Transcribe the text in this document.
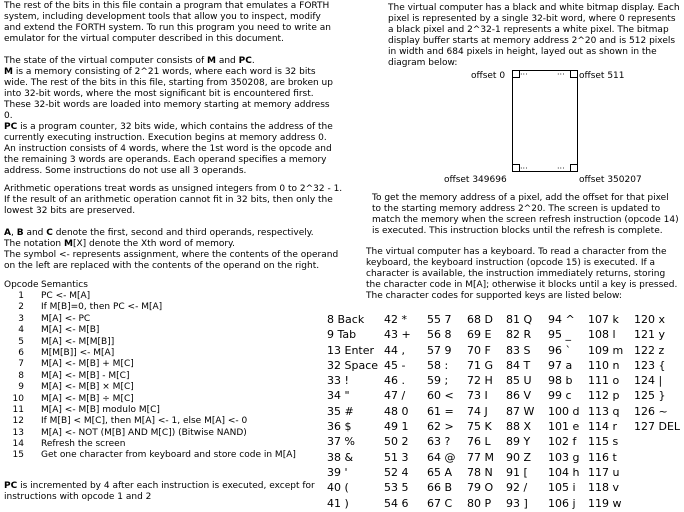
The rest of the bits in this file contain a program that emulates a FORTH system, including development tools that allow you to inspect, modify and extend the FORTH system. To run this program you need to write an emulator for the virtual computer described in this document.

The state of the virtual computer consists of M and PC.

M is a memory consisting of 2^21 words, where each word is 32 bits wide. The rest of the bits in this file, starting from 350208, are broken up into 32-bit words, where the most significant bit is encountered first. These 32-bit words are loaded into memory starting at memory address 0.

PC is a program counter, 32 bits wide, which contains the address of the currently executing instruction. Execution begins at memory address 0.

An instruction consists of 4 words, where the 1st word is the opcode and the remaining 3 words are operands. Each operand specifies a memory address. Some instructions do not use all 3 operands.

Arithmetic operations treat words as unsigned integers from 0 to 2^32 - 1. If the result of an arithmetic operation cannot fit in 32 bits, then only the lowest 32 bits are preserved.

A, B and C denote the first, second and third operands, respectively.

The notation M[X] denote the Xth word of memory.

The symbol <- represents assignment, where the contents of the operand on the left are replaced with the contents of the operand on the right.

Opcode Semantics
1	PC <- M[A]
2	If M[B]=0, then PC <- M[A]
3	M[A] <- PC
4	M[A] <- M[B]
5	M[A] <- M[M[B]]
6	M[M[B]] <- M[A]
7	M[A] <- M[B] + M[C]
8	M[A] <- M[B] - M[C]
9	M[A] <- M[B] × M[C]
10	M[A] <- M[B] ÷ M[C]
11	M[A] <- M[B] modulo M[C]
12	If M[B] < M[C], then M[A] <- 1, else M[A] <- 0
13	M[A] <- NOT (M[B] AND M[C]) (Bitwise NAND)
14	Refresh the screen
15	Get one character from keyboard and store code in M[A]

PC is incremented by 4 after each instruction is executed, except for instructions with opcode 1 and 2

The virtual computer has a black and white bitmap display. Each pixel is represented by a single 32-bit word, where 0 represents a black pixel and 2^32-1 represents a white pixel. The bitmap display buffer starts at memory address 2^20 and is 512 pixels in width and 684 pixels in height, layed out as shown in the diagram below:

···	···
···	···
offset 0	offset 511
offset 349696	offset 350207

To get the memory address of a pixel, add the offset for that pixel to the starting memory address 2^20. The screen is updated to match the memory when the screen refresh instruction (opcode 14) is executed. This instruction blocks until the refresh is complete.

The virtual computer has a keyboard. To read a character from the keyboard, the keyboard instruction (opcode 15) is executed. If a character is available, the instruction immediately returns, storing the character code in M[A]; otherwise it blocks until a key is pressed. The character codes for supported keys are listed below:

8 Back
9 Tab
13 Enter
32 Space
33 !
34 "
35 #
36 $
37 %
38 &
39 '
40 (
41 )
42 *
43 +
44 ,
45 -
46 .
47 /
48 0
49 1
50 2
51 3
52 4
53 5
54 6
55 7
56 8
57 9
58 :
59 ;
60 <
61 =
62 >
63 ?
64 @
65 A
66 B
67 C
68 D
69 E
70 F
71 G
72 H
73 I
74 J
75 K
76 L
77 M
78 N
79 O
80 P
81 Q
82 R
83 S
84 T
85 U
86 V
87 W
88 X
89 Y
90 Z
91 [
92 /
93 ]
94 ^
95 _
96 `
97 a
98 b
99 c
100 d
101 e
102 f
103 g
104 h
105 i
106 j
107 k
108 l
109 m
110 n
111 o
112 p
113 q
114 r
115 s
116 t
117 u
118 v
119 w
120 x
121 y
122 z
123 {
124 |
125 }
126 ~
127 DEL
